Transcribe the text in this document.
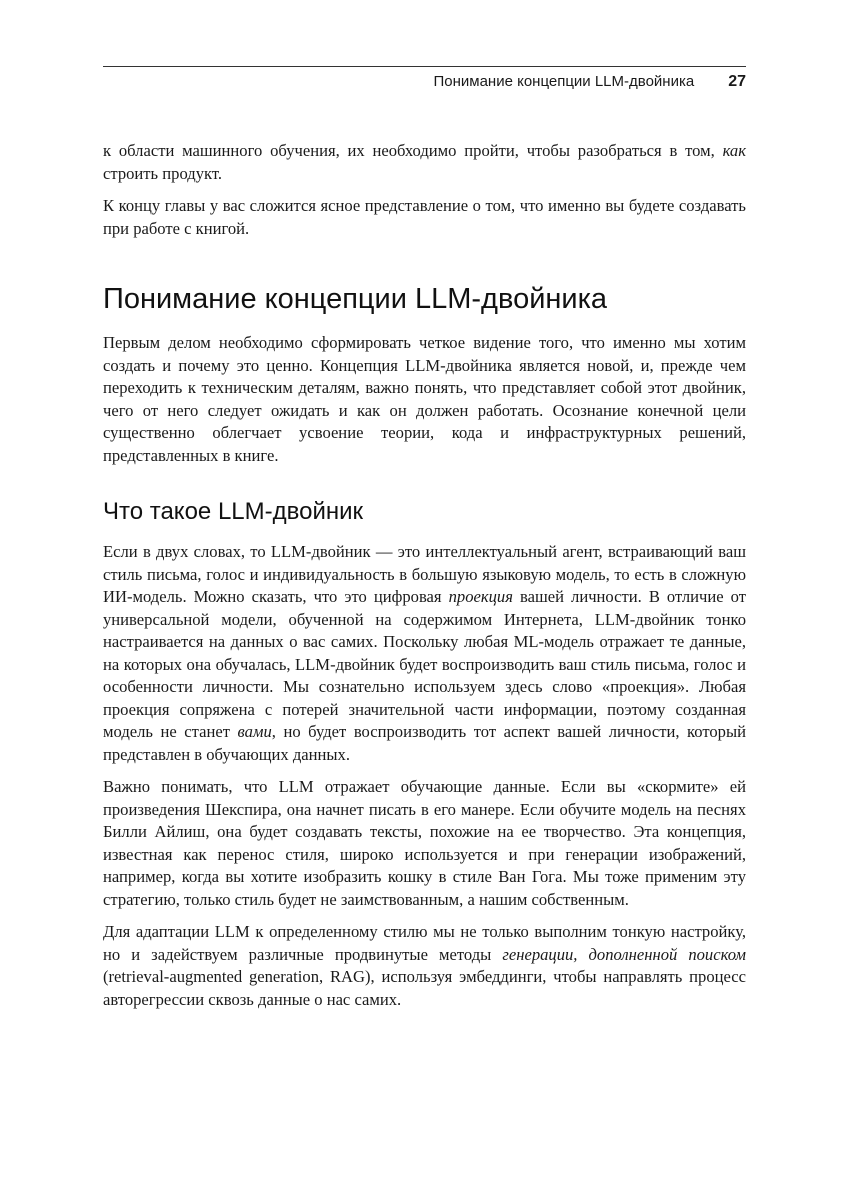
Понимание концепции LLM-двойника 27

к области машинного обучения, их необходимо пройти, чтобы разобраться в том, как строить продукт.

К концу главы у вас сложится ясное представление о том, что именно вы будете создавать при работе с книгой.

Понимание концепции LLM-двойника

Первым делом необходимо сформировать четкое видение того, что именно мы хотим создать и почему это ценно. Концепция LLM-двойника является новой, и, прежде чем переходить к техническим деталям, важно понять, что представляет собой этот двойник, чего от него следует ожидать и как он должен работать. Осознание конечной цели существенно облегчает усвоение теории, кода и инфраструктурных решений, представленных в книге.

Что такое LLM-двойник

Если в двух словах, то LLM-двойник — это интеллектуальный агент, встраивающий ваш стиль письма, голос и индивидуальность в большую языковую модель, то есть в сложную ИИ-модель. Можно сказать, что это цифровая проекция вашей личности. В отличие от универсальной модели, обученной на содержимом Интернета, LLM-двойник тонко настраивается на данных о вас самих. Поскольку любая ML-модель отражает те данные, на которых она обучалась, LLM-двойник будет воспроизводить ваш стиль письма, голос и особенности личности. Мы сознательно используем здесь слово «проекция». Любая проекция сопряжена с потерей значительной части информации, поэтому созданная модель не станет вами, но будет воспроизводить тот аспект вашей личности, который представлен в обучающих данных.

Важно понимать, что LLM отражает обучающие данные. Если вы «скормите» ей произведения Шекспира, она начнет писать в его манере. Если обучите модель на песнях Билли Айлиш, она будет создавать тексты, похожие на ее творчество. Эта концепция, известная как перенос стиля, широко используется и при генерации изображений, например, когда вы хотите изобразить кошку в стиле Ван Гога. Мы тоже применим эту стратегию, только стиль будет не заимствованным, а нашим собственным.

Для адаптации LLM к определенному стилю мы не только выполним тонкую настройку, но и задействуем различные продвинутые методы генерации, дополненной поиском (retrieval-augmented generation, RAG), используя эмбеддинги, чтобы направлять процесс авторегрессии сквозь данные о нас самих.
